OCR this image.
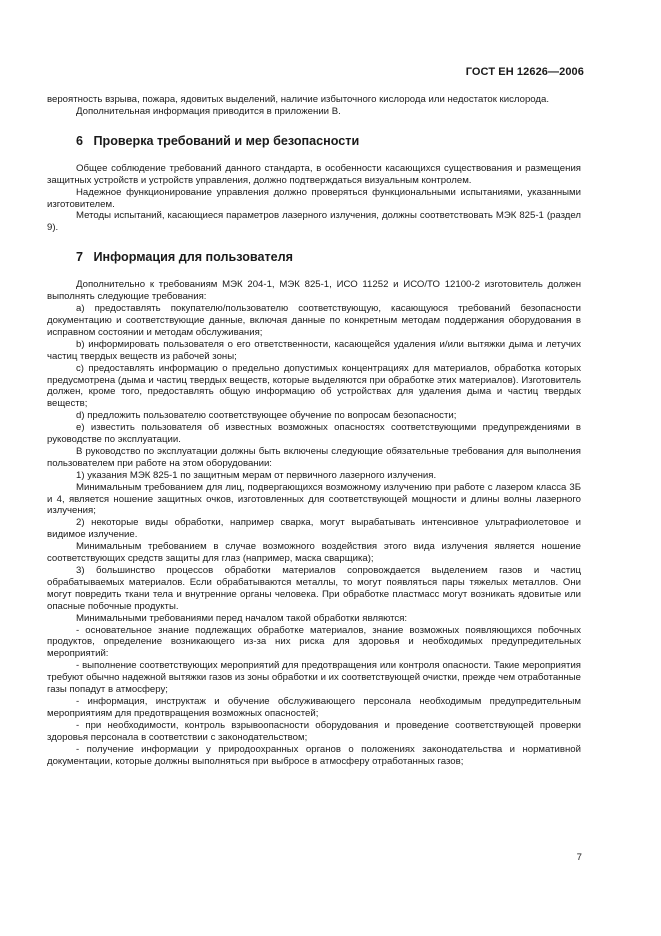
ГОСТ ЕН 12626—2006

вероятность взрыва, пожара, ядовитых выделений, наличие избыточного кислорода или недостаток кислорода.

Дополнительная информация приводится в приложении В.

6 Проверка требований и мер безопасности

Общее соблюдение требований данного стандарта, в особенности касающихся существования и размещения защитных устройств и устройств управления, должно подтверждаться визуальным контролем.

Надежное функционирование управления должно проверяться функциональными испытаниями, указанными изготовителем.

Методы испытаний, касающиеся параметров лазерного излучения, должны соответствовать МЭК 825-1 (раздел 9).

7 Информация для пользователя

Дополнительно к требованиям МЭК 204-1, МЭК 825-1, ИСО 11252 и ИСО/ТО 12100-2 изготовитель должен выполнять следующие требования:

а) предоставлять покупателю/пользователю соответствующую, касающуюся требований безопасности документацию и соответствующие данные, включая данные по конкретным методам поддержания оборудования в исправном состоянии и методам обслуживания;

b) информировать пользователя о его ответственности, касающейся удаления и/или вытяжки дыма и летучих частиц твердых веществ из рабочей зоны;

с) предоставлять информацию о предельно допустимых концентрациях для материалов, обработка которых предусмотрена (дыма и частиц твердых веществ, которые выделяются при обработке этих материалов). Изготовитель должен, кроме того, предоставлять общую информацию об устройствах для удаления дыма и частиц твердых веществ;

d) предложить пользователю соответствующее обучение по вопросам безопасности;

е) известить пользователя об известных возможных опасностях соответствующими предупреждениями в руководстве по эксплуатации.

В руководство по эксплуатации должны быть включены следующие обязательные требования для выполнения пользователем при работе на этом оборудовании:

1) указания МЭК 825-1 по защитным мерам от первичного лазерного излучения.

Минимальным требованием для лиц, подвергающихся возможному излучению при работе с лазером класса 3Б и 4, является ношение защитных очков, изготовленных для соответствующей мощности и длины волны лазерного излучения;

2) некоторые виды обработки, например сварка, могут вырабатывать интенсивное ультрафиолетовое и видимое излучение.

Минимальным требованием в случае возможного воздействия этого вида излучения является ношение соответствующих средств защиты для глаз (например, маска сварщика);

3) большинство процессов обработки материалов сопровождается выделением газов и частиц обрабатываемых материалов. Если обрабатываются металлы, то могут появляться пары тяжелых металлов. Они могут повредить ткани тела и внутренние органы человека. При обработке пластмасс могут возникать ядовитые или опасные побочные продукты.

Минимальными требованиями перед началом такой обработки являются:

- основательное знание подлежащих обработке материалов, знание возможных появляющихся побочных продуктов, определение возникающего из-за них риска для здоровья и необходимых предупредительных мероприятий:

- выполнение соответствующих мероприятий для предотвращения или контроля опасности. Такие мероприятия требуют обычно надежной вытяжки газов из зоны обработки и их соответствующей очистки, прежде чем отработанные газы попадут в атмосферу;

- информация, инструктаж и обучение обслуживающего персонала необходимым предупредительным мероприятиям для предотвращения возможных опасностей;

- при необходимости, контроль взрывоопасности оборудования и проведение соответствующей проверки здоровья персонала в соответствии с законодательством;

- получение информации у природоохранных органов о положениях законодательства и нормативной документации, которые должны выполняться при выбросе в атмосферу отработанных газов;

7
